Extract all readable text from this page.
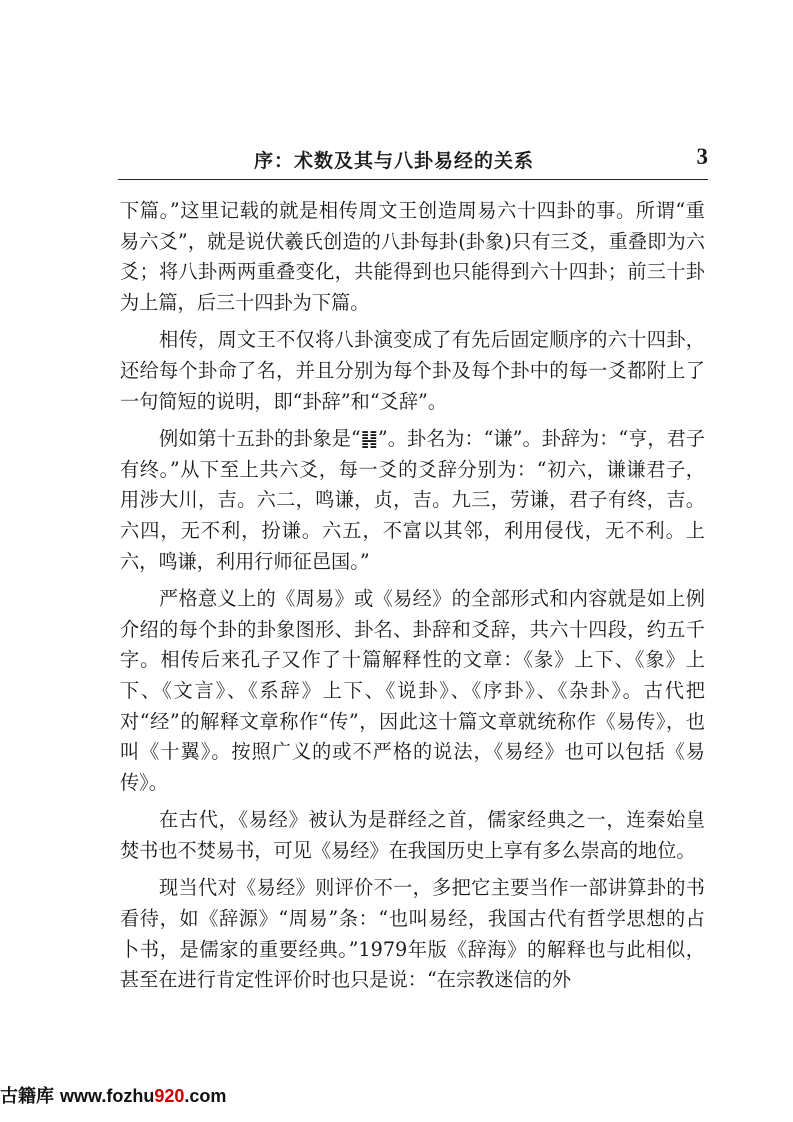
序：术数及其与八卦易经的关系	3

下篇。”这里记载的就是相传周文王创造周易六十四卦的事。所谓“重易六爻”，就是说伏羲氏创造的八卦每卦(卦象)只有三爻，重叠即为六爻；将八卦两两重叠变化，共能得到也只能得到六十四卦；前三十卦为上篇，后三十四卦为下篇。

相传，周文王不仅将八卦演变成了有先后固定顺序的六十四卦，还给每个卦命了名，并且分别为每个卦及每个卦中的每一爻都附上了一句简短的说明，即“卦辞”和“爻辞”。

例如第十五卦的卦象是“䷎”。卦名为：“谦”。卦辞为：“亨，君子有终。”从下至上共六爻，每一爻的爻辞分别为：“初六，谦谦君子，用涉大川，吉。六二，鸣谦，贞，吉。九三，劳谦，君子有终，吉。六四，无不利，扮谦。六五，不富以其邻，利用侵伐，无不利。上六，鸣谦，利用行师征邑国。”

严格意义上的《周易》或《易经》的全部形式和内容就是如上例介绍的每个卦的卦象图形、卦名、卦辞和爻辞，共六十四段，约五千字。相传后来孔子又作了十篇解释性的文章：《彖》上下、《象》上下、《文言》、《系辞》上下、《说卦》、《序卦》、《杂卦》。古代把对“经”的解释文章称作“传”，因此这十篇文章就统称作《易传》，也叫《十翼》。按照广义的或不严格的说法，《易经》也可以包括《易传》。

在古代，《易经》被认为是群经之首，儒家经典之一，连秦始皇焚书也不焚易书，可见《易经》在我国历史上享有多么崇高的地位。

现当代对《易经》则评价不一，多把它主要当作一部讲算卦的书看待，如《辞源》“周易”条：“也叫易经，我国古代有哲学思想的占卜书，是儒家的重要经典。”1979年版《辞海》的解释也与此相似，甚至在进行肯定性评价时也只是说：“在宗教迷信的外

古籍库 www.fozhu920.com
